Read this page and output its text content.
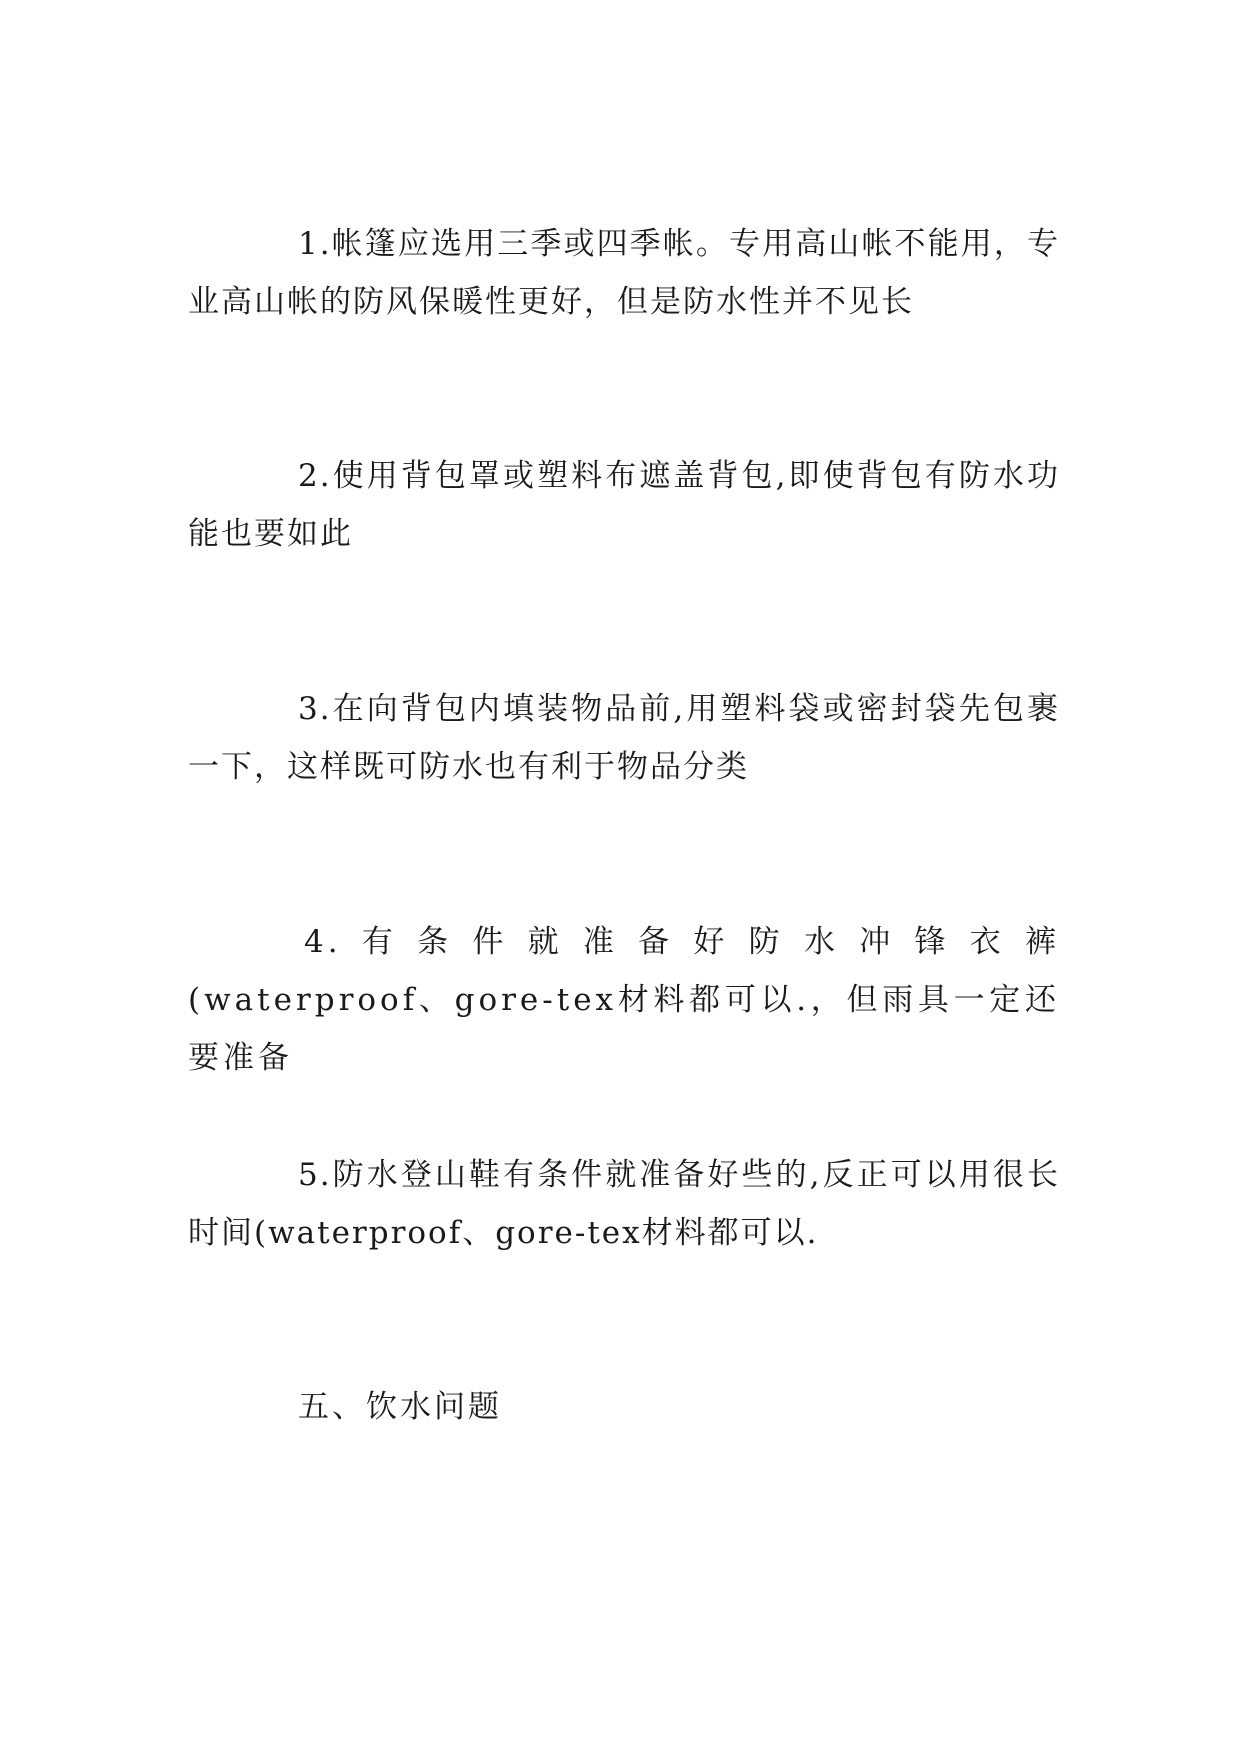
1.帐篷应选用三季或四季帐。专用高山帐不能用，专业高山帐的防风保暖性更好，但是防水性并不见长

2.使用背包罩或塑料布遮盖背包,即使背包有防水功能也要如此

3.在向背包内填装物品前,用塑料袋或密封袋先包裹一下，这样既可防水也有利于物品分类

4.有条件就准备好防水冲锋衣裤(waterproof、gore-tex材料都可以.，但雨具一定还要准备

5.防水登山鞋有条件就准备好些的,反正可以用很长时间(waterproof、gore-tex材料都可以.

五、饮水问题
